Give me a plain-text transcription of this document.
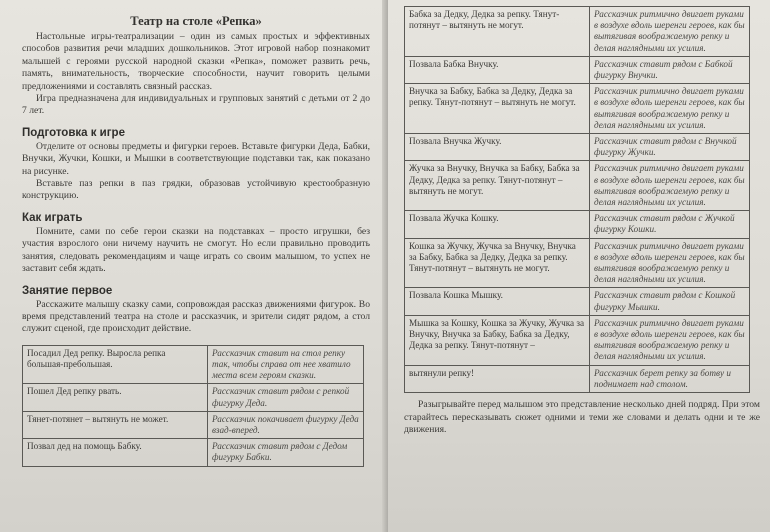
Театр на столе «Репка»

Настольные игры-театрализации – один из самых простых и эффективных способов развития речи младших дошкольников. Этот игровой набор познакомит малышей с героями русской народной сказки «Репка», поможет развить речь, память, внимательность, творческие способности, научит говорить целыми предложениями и составлять связный рассказ.

Игра предназначена для индивидуальных и групповых занятий с детьми от 2 до 7 лет.

Подготовка к игре

Отделите от основы предметы и фигурки героев. Вставьте фигурки Деда, Бабки, Внучки, Жучки, Кошки, и Мышки в соответствующие подставки так, как показано на рисунке.

Вставьте паз репки в паз грядки, образовав устойчивую крестообразную конструкцию.

Как играть

Помните, сами по себе герои сказки на подставках – просто игрушки, без участия взрослого они ничему научить не смогут. Но если правильно проводить занятия, следовать рекомендациям и чаще играть со своим малышом, то успех не заставит себя ждать.

Занятие первое

Расскажите малышу сказку сами, сопровождая рассказ движениями фигурок. Во время представлений театра на столе и рассказчик, и зрители сидят рядом, а стол служит сценой, где происходит действие.

Посадил Дед репку. Выросла репка большая-пребольшая.	Рассказчик ставит на стол репку так, чтобы справа от нее хватило места всем героям сказки.
Пошел Дед репку рвать.	Рассказчик ставит рядом с репкой фигурку Деда.
Тянет-потянет – вытянуть не может.	Рассказчик покачивает фигурку Деда взад-вперед.
Позвал дед на помощь Бабку.	Рассказчик ставит рядом с Дедом фигурку Бабки.
Бабка за Дедку, Дедка за репку. Тянут-потянут – вытянуть не могут.	Рассказчик ритмично двигает руками в воздухе вдоль шеренги героев, как бы вытягивая воображаемую репку и делая наглядными их усилия.
Позвала Бабка Внучку.	Рассказчик ставит рядом с Бабкой фигурку Внучки.
Внучка за Бабку, Бабка за Дедку, Дедка за репку. Тянут-потянут – вытянуть не могут.	Рассказчик ритмично двигает руками в воздухе вдоль шеренги героев, как бы вытягивая воображаемую репку и делая наглядными их усилия.
Позвала Внучка Жучку.	Рассказчик ставит рядом с Внучкой фигурку Жучки.
Жучка за Внучку, Внучка за Бабку, Бабка за Дедку, Дедка за репку. Тянут-потянут – вытянуть не могут.	Рассказчик ритмично двигает руками в воздухе вдоль шеренги героев, как бы вытягивая воображаемую репку и делая наглядными их усилия.
Позвала Жучка Кошку.	Рассказчик ставит рядом с Жучкой фигурку Кошки.
Кошка за Жучку, Жучка за Внучку, Внучка за Бабку, Бабка за Дедку, Дедка за репку. Тянут-потянут – вытянуть не могут.	Рассказчик ритмично двигает руками в воздухе вдоль шеренги героев, как бы вытягивая воображаемую репку и делая наглядными их усилия.
Позвала Кошка Мышку.	Рассказчик ставит рядом с Кошкой фигурку Мышки.
Мышка за Кошку, Кошка за Жучку, Жучка за Внучку, Внучка за Бабку, Бабка за Дедку, Дедка за репку. Тянут-потянут –	Рассказчик ритмично двигает руками в воздухе вдоль шеренги героев, как бы вытягивая воображаемую репку и делая наглядными их усилия.
вытянули репку!	Рассказчик берет репку за ботву и поднимает над столом.

Разыгрывайте перед малышом это представление несколько дней подряд. При этом старайтесь пересказывать сюжет одними и теми же словами и делать одни и те же движения.
